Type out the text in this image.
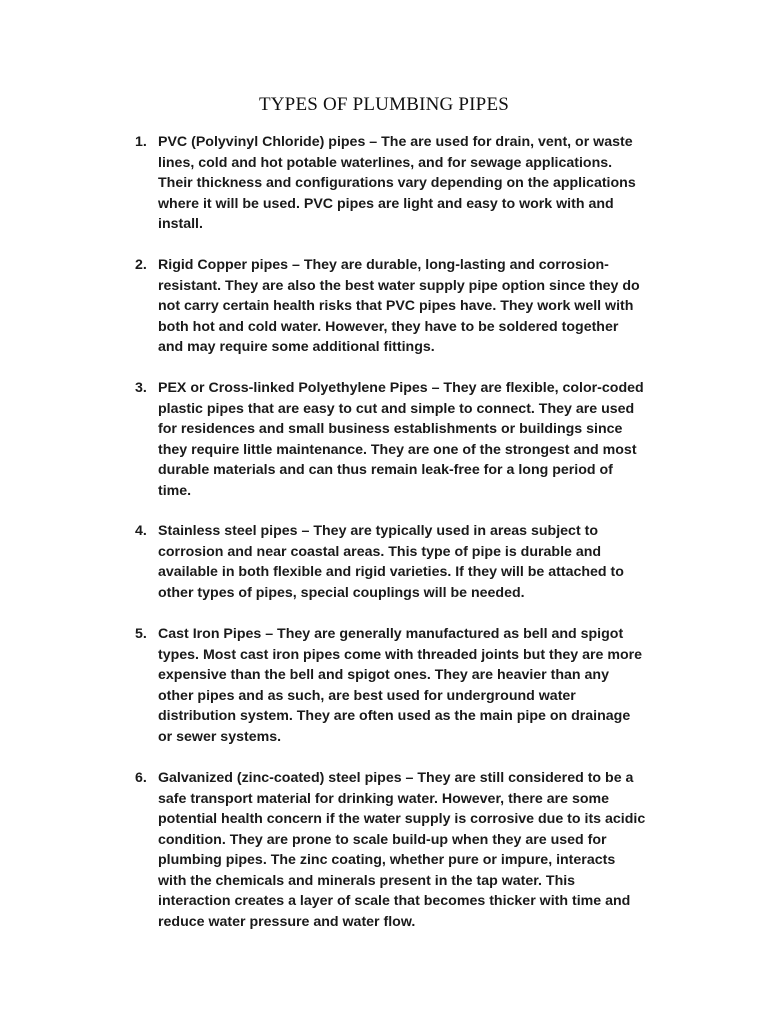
TYPES OF PLUMBING PIPES
1. PVC (Polyvinyl Chloride) pipes – The are used for drain, vent, or waste
lines, cold and hot potable waterlines, and for sewage applications.
Their thickness and configurations vary depending on the applications
where it will be used. PVC pipes are light and easy to work with and
install.
2. Rigid Copper pipes – They are durable, long-lasting and corrosion-
resistant. They are also the best water supply pipe option since they do
not carry certain health risks that PVC pipes have. They work well with
both hot and cold water. However, they have to be soldered together
and may require some additional fittings.
3. PEX or Cross-linked Polyethylene Pipes – They are flexible, color-coded
plastic pipes that are easy to cut and simple to connect. They are used
for residences and small business establishments or buildings since
they require little maintenance. They are one of the strongest and most
durable materials and can thus remain leak-free for a long period of
time.
4. Stainless steel pipes – They are typically used in areas subject to
corrosion and near coastal areas. This type of pipe is durable and
available in both flexible and rigid varieties. If they will be attached to
other types of pipes, special couplings will be needed.
5. Cast Iron Pipes – They are generally manufactured as bell and spigot
types. Most cast iron pipes come with threaded joints but they are more
expensive than the bell and spigot ones. They are heavier than any
other pipes and as such, are best used for underground water
distribution system. They are often used as the main pipe on drainage
or sewer systems.
6. Galvanized (zinc-coated) steel pipes – They are still considered to be a
safe transport material for drinking water. However, there are some
potential health concern if the water supply is corrosive due to its acidic
condition. They are prone to scale build-up when they are used for
plumbing pipes. The zinc coating, whether pure or impure, interacts
with the chemicals and minerals present in the tap water. This
interaction creates a layer of scale that becomes thicker with time and
reduce water pressure and water flow.
